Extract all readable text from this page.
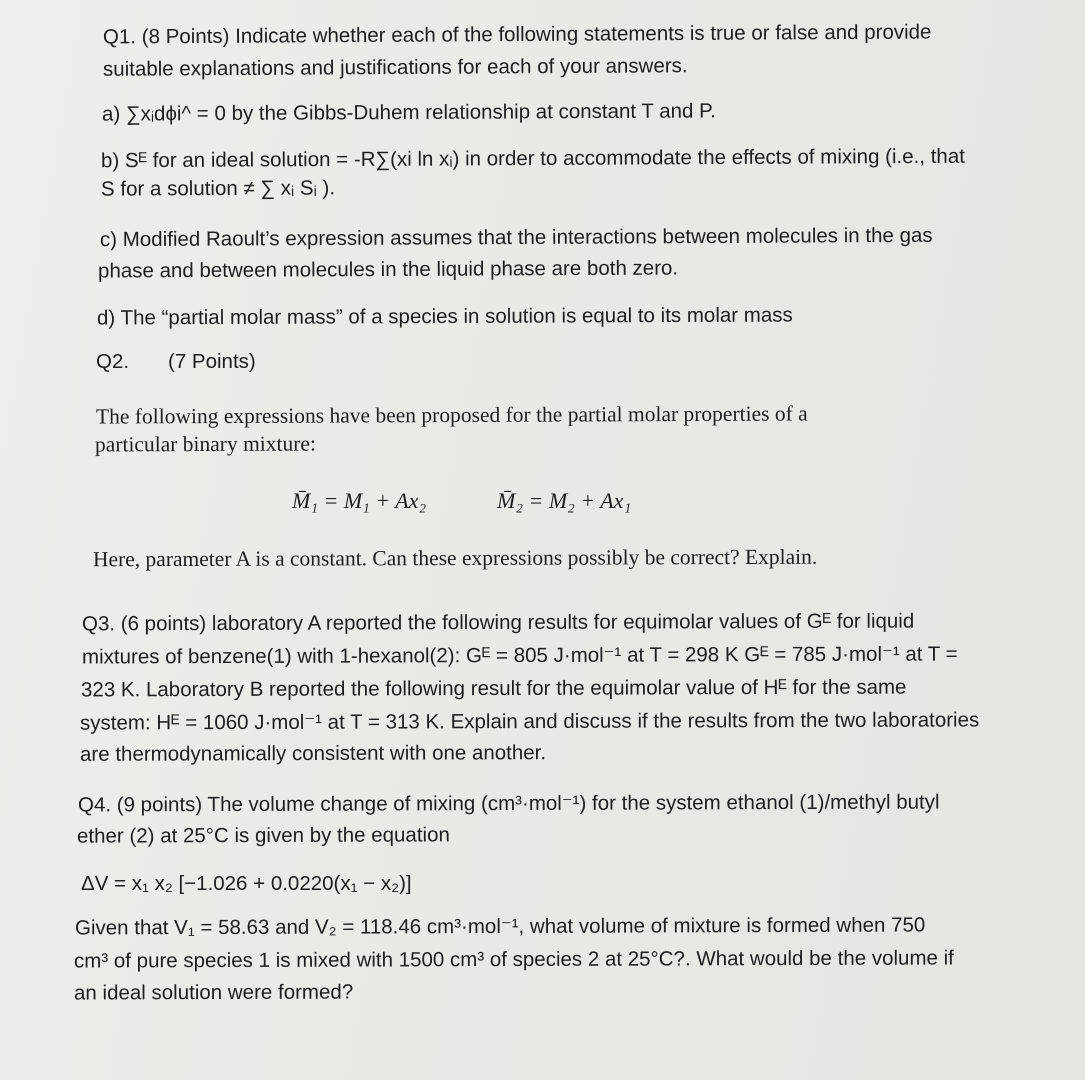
Q1. (8 Points) Indicate whether each of the following statements is true or false and provide
suitable explanations and justifications for each of your answers.
a) ∑xᵢdϕi^ = 0 by the Gibbs-Duhem relationship at constant T and P.
b) Sᴱ for an ideal solution = -R∑(xi ln xᵢ) in order to accommodate the effects of mixing (i.e., that
S for a solution ≠ ∑ xᵢ Sᵢ ).
c) Modified Raoult’s expression assumes that the interactions between molecules in the gas
phase and between molecules in the liquid phase are both zero.
d) The “partial molar mass” of a species in solution is equal to its molar mass
Q2. (7 Points)
The following expressions have been proposed for the partial molar properties of a
particular binary mixture:
M̄₁ = M₁ + Ax₂	M̄₂ = M₂ + Ax₁
Here, parameter A is a constant. Can these expressions possibly be correct? Explain.
Q3. (6 points) laboratory A reported the following results for equimolar values of Gᴱ for liquid
mixtures of benzene(1) with 1-hexanol(2): Gᴱ = 805 J·mol⁻¹ at T = 298 K Gᴱ = 785 J·mol⁻¹ at T =
323 K. Laboratory B reported the following result for the equimolar value of Hᴱ for the same
system: Hᴱ = 1060 J·mol⁻¹ at T = 313 K. Explain and discuss if the results from the two laboratories
are thermodynamically consistent with one another.
Q4. (9 points) The volume change of mixing (cm³·mol⁻¹) for the system ethanol (1)/methyl butyl
ether (2) at 25°C is given by the equation
ΔV = x₁ x₂ [−1.026 + 0.0220(x₁ − x₂)]
Given that V₁ = 58.63 and V₂ = 118.46 cm³·mol⁻¹, what volume of mixture is formed when 750
cm³ of pure species 1 is mixed with 1500 cm³ of species 2 at 25°C?. What would be the volume if
an ideal solution were formed?
